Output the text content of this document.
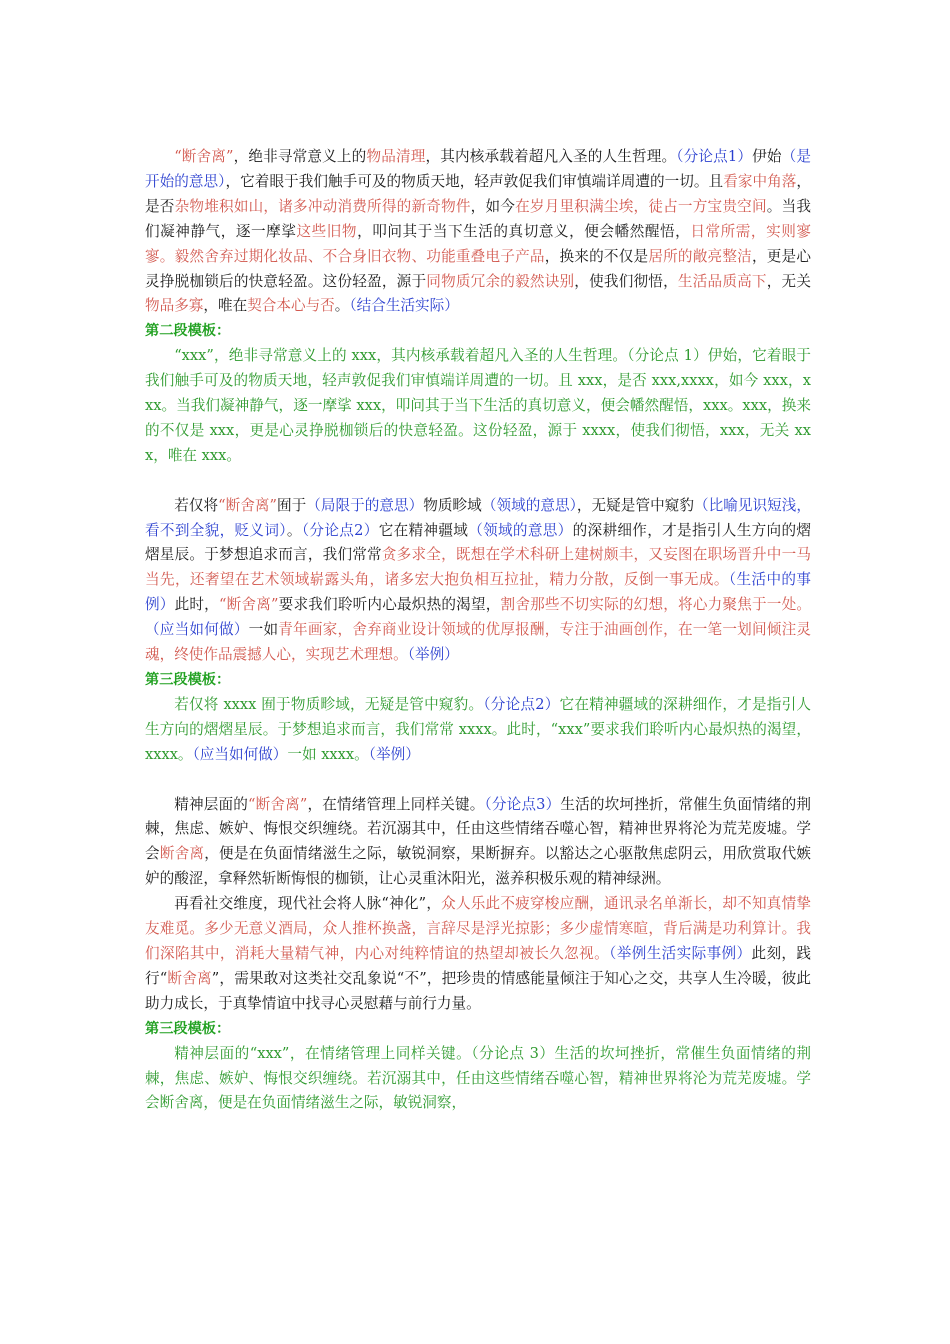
“断舍离”，绝非寻常意义上的物品清理，其内核承载着超凡入圣的人生哲理。（分论点1）伊始（是开始的意思），它着眼于我们触手可及的物质天地，轻声敦促我们审慎端详周遭的一切。且看家中角落，是否杂物堆积如山，诸多冲动消费所得的新奇物件，如今在岁月里积满尘埃，徒占一方宝贵空间。当我们凝神静气，逐一摩挲这些旧物，叩问其于当下生活的真切意义，便会幡然醒悟，日常所需，实则寥寥。毅然舍弃过期化妆品、不合身旧衣物、功能重叠电子产品，换来的不仅是居所的敞亮整洁，更是心灵挣脱枷锁后的快意轻盈。这份轻盈，源于同物质冗余的毅然诀别，使我们彻悟，生活品质高下，无关物品多寡，唯在契合本心与否。（结合生活实际）

第二段模板：

“xxx”，绝非寻常意义上的 xxx，其内核承载着超凡入圣的人生哲理。（分论点 1）伊始，它着眼于我们触手可及的物质天地，轻声敦促我们审慎端详周遭的一切。且 xxx，是否 xxx,xxxx，如今 xxx，xxx。当我们凝神静气，逐一摩挲 xxx，叩问其于当下生活的真切意义，便会幡然醒悟，xxx。xxx，换来的不仅是 xxx，更是心灵挣脱枷锁后的快意轻盈。这份轻盈，源于 xxxx，使我们彻悟，xxx，无关 xxx，唯在 xxx。

若仅将“断舍离”囿于（局限于的意思）物质畛域（领域的意思），无疑是管中窥豹（比喻见识短浅，看不到全貌，贬义词）。（分论点2）它在精神疆域（领域的意思）的深耕细作，才是指引人生方向的熠熠星辰。于梦想追求而言，我们常常贪多求全，既想在学术科研上建树颇丰，又妄图在职场晋升中一马当先，还奢望在艺术领域崭露头角，诸多宏大抱负相互拉扯，精力分散，反倒一事无成。（生活中的事例）此时，“断舍离”要求我们聆听内心最炽热的渴望，割舍那些不切实际的幻想，将心力聚焦于一处。（应当如何做）一如青年画家，舍弃商业设计领域的优厚报酬，专注于油画创作，在一笔一划间倾注灵魂，终使作品震撼人心，实现艺术理想。（举例）

第三段模板：

若仅将 xxxx 囿于物质畛域，无疑是管中窥豹。（分论点2）它在精神疆域的深耕细作，才是指引人生方向的熠熠星辰。于梦想追求而言，我们常常 xxxx。此时，“xxx”要求我们聆听内心最炽热的渴望，xxxx。（应当如何做）一如 xxxx。（举例）

精神层面的“断舍离”，在情绪管理上同样关键。（分论点3）生活的坎坷挫折，常催生负面情绪的荆棘，焦虑、嫉妒、悔恨交织缠绕。若沉溺其中，任由这些情绪吞噬心智，精神世界将沦为荒芜废墟。学会断舍离，便是在负面情绪滋生之际，敏锐洞察，果断摒弃。以豁达之心驱散焦虑阴云，用欣赏取代嫉妒的酸涩，拿释然斩断悔恨的枷锁，让心灵重沐阳光，滋养积极乐观的精神绿洲。

再看社交维度，现代社会将人脉“神化”，众人乐此不疲穿梭应酬，通讯录名单渐长，却不知真情挚友难觅。多少无意义酒局，众人推杯换盏，言辞尽是浮光掠影；多少虚情寒暄，背后满是功利算计。我们深陷其中，消耗大量精气神，内心对纯粹情谊的热望却被长久忽视。（举例生活实际事例）此刻，践行“断舍离”，需果敢对这类社交乱象说“不”，把珍贵的情感能量倾注于知心之交，共享人生冷暖，彼此助力成长，于真挚情谊中找寻心灵慰藉与前行力量。

第三段模板：

精神层面的“xxx”，在情绪管理上同样关键。（分论点 3）生活的坎坷挫折，常催生负面情绪的荆棘，焦虑、嫉妒、悔恨交织缠绕。若沉溺其中，任由这些情绪吞噬心智，精神世界将沦为荒芜废墟。学会断舍离，便是在负面情绪滋生之际，敏锐洞察，
